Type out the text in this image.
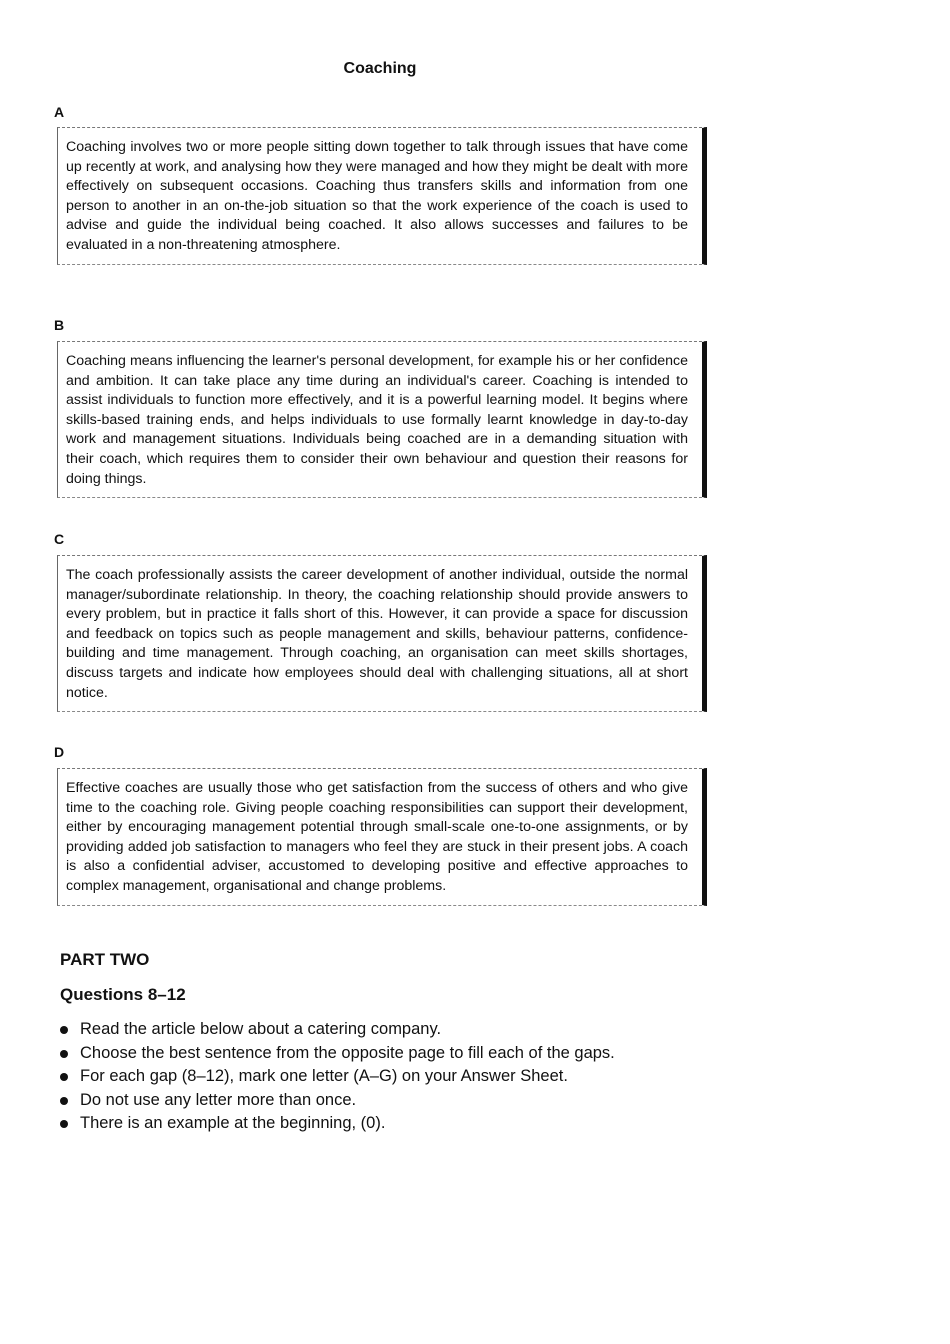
Coaching
A
Coaching involves two or more people sitting down together to talk through issues that have come up recently at work, and analysing how they were managed and how they might be dealt with more effectively on subsequent occasions. Coaching thus transfers skills and information from one person to another in an on-the-job situation so that the work experience of the coach is used to advise and guide the individual being coached. It also allows successes and failures to be evaluated in a non-threatening atmosphere.
B
Coaching means influencing the learner's personal development, for example his or her confidence and ambition. It can take place any time during an individual's career. Coaching is intended to assist individuals to function more effectively, and it is a powerful learning model. It begins where skills-based training ends, and helps individuals to use formally learnt knowledge in day-to-day work and management situations. Individuals being coached are in a demanding situation with their coach, which requires them to consider their own behaviour and question their reasons for doing things.
C
The coach professionally assists the career development of another individual, outside the normal manager/subordinate relationship. In theory, the coaching relationship should provide answers to every problem, but in practice it falls short of this. However, it can provide a space for discussion and feedback on topics such as people management and skills, behaviour patterns, confidence-building and time management. Through coaching, an organisation can meet skills shortages, discuss targets and indicate how employees should deal with challenging situations, all at short notice.
D
Effective coaches are usually those who get satisfaction from the success of others and who give time to the coaching role. Giving people coaching responsibilities can support their development, either by encouraging management potential through small-scale one-to-one assignments, or by providing added job satisfaction to managers who feel they are stuck in their present jobs. A coach is also a confidential adviser, accustomed to developing positive and effective approaches to complex management, organisational and change problems.
PART TWO
Questions 8–12
Read the article below about a catering company.
Choose the best sentence from the opposite page to fill each of the gaps.
For each gap (8–12), mark one letter (A–G) on your Answer Sheet.
Do not use any letter more than once.
There is an example at the beginning, (0).
